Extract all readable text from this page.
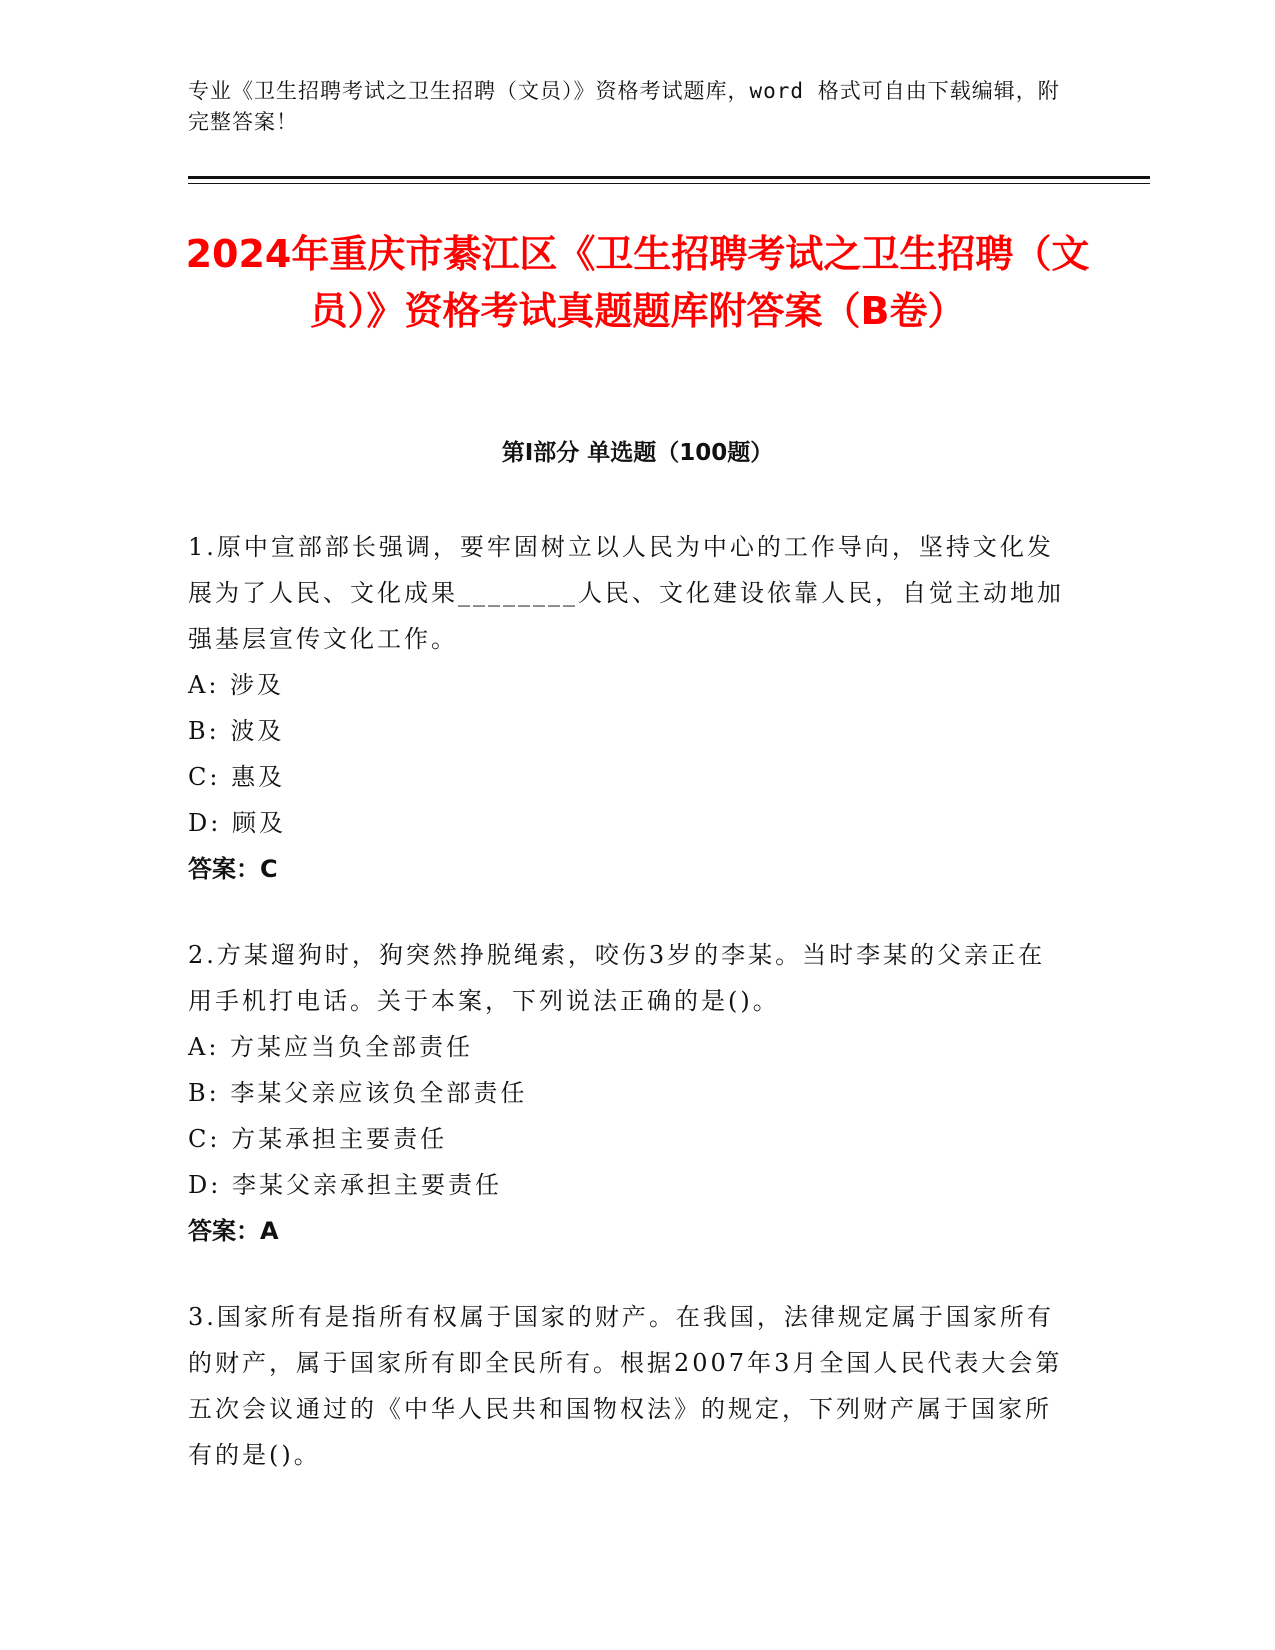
专业《卫生招聘考试之卫生招聘（文员）》资格考试题库，word 格式可自由下载编辑，附完整答案！
2024年重庆市綦江区《卫生招聘考试之卫生招聘（文员）》资格考试真题题库附答案（B卷）
第Ⅰ部分 单选题（100题）
1.原中宣部部长强调，要牢固树立以人民为中心的工作导向，坚持文化发展为了人民、文化成果________人民、文化建设依靠人民，自觉主动地加强基层宣传文化工作。
A: 涉及
B: 波及
C: 惠及
D: 顾及
答案：C
2.方某遛狗时，狗突然挣脱绳索，咬伤3岁的李某。当时李某的父亲正在用手机打电话。关于本案，下列说法正确的是()。
A: 方某应当负全部责任
B: 李某父亲应该负全部责任
C: 方某承担主要责任
D: 李某父亲承担主要责任
答案：A
3.国家所有是指所有权属于国家的财产。在我国，法律规定属于国家所有的财产，属于国家所有即全民所有。根据2007年3月全国人民代表大会第五次会议通过的《中华人民共和国物权法》的规定，下列财产属于国家所有的是()。
